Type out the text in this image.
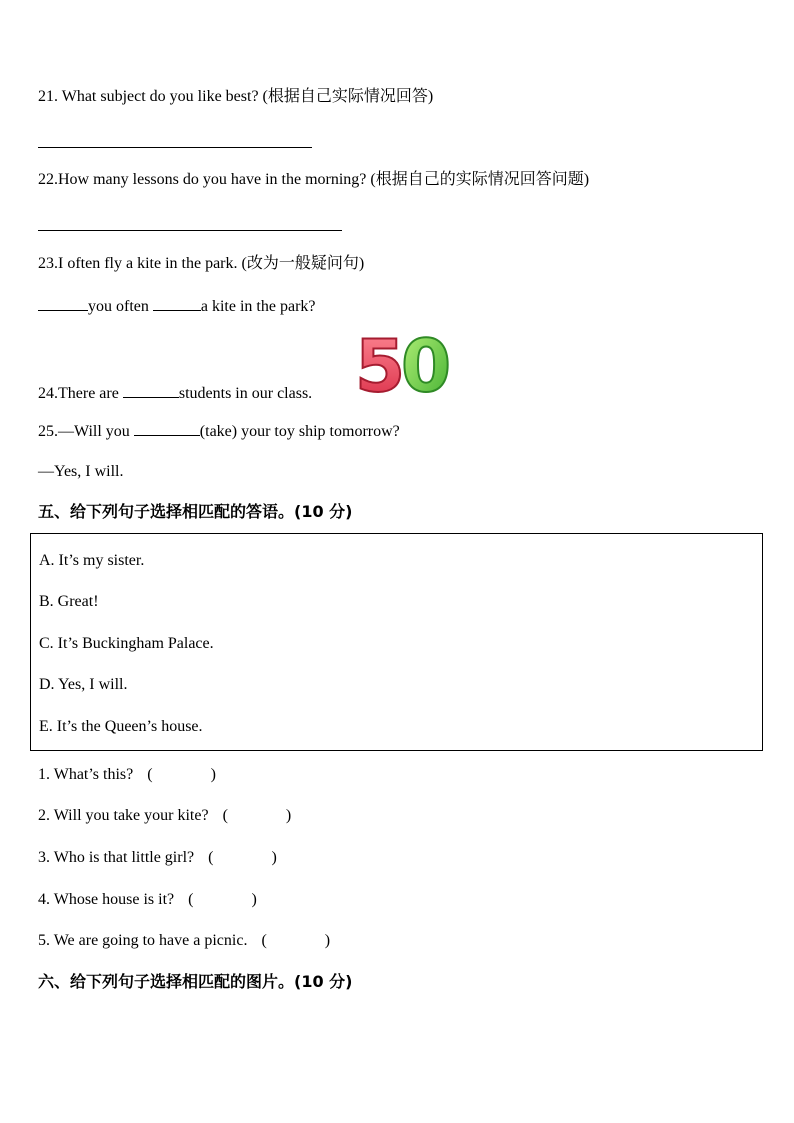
21. What subject do you like best? (根据自己实际情况回答)
22.How many lessons do you have in the morning? (根据自己的实际情况回答问题)
23.I often fly a kite in the park. (改为一般疑问句)
you often	a kite in the park?
24.There are	students in our class. 5
0
25.—Will you	(take) your toy ship tomorrow?
—Yes, I will.
五、给下列句子选择相匹配的答语。(10 分)
A. It’s my sister.
B. Great!
C. It’s Buckingham Palace.
D. Yes, I will.
E. It’s the Queen’s house.
1. What’s this? (	)
2. Will you take your kite? (	)
3. Who is that little girl? (	)
4. Whose house is it? (	)
5. We are going to have a picnic. (	)
六、给下列句子选择相匹配的图片。(10 分)
